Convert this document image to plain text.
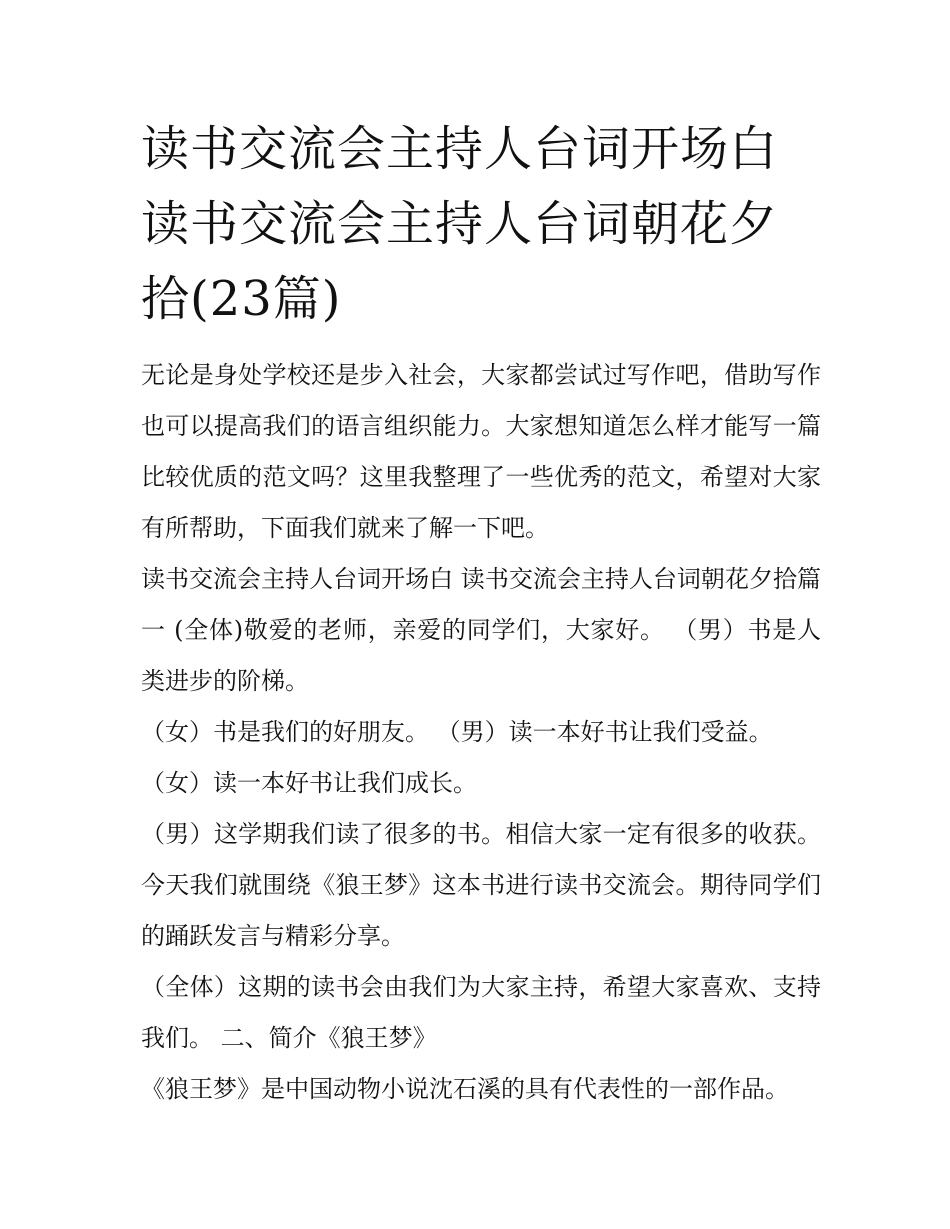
读书交流会主持人台词开场白读书交流会主持人台词朝花夕拾(23篇)

无论是身处学校还是步入社会，大家都尝试过写作吧，借助写作也可以提高我们的语言组织能力。大家想知道怎么样才能写一篇比较优质的范文吗？这里我整理了一些优秀的范文，希望对大家有所帮助，下面我们就来了解一下吧。

读书交流会主持人台词开场白 读书交流会主持人台词朝花夕拾篇一 (全体)敬爱的老师，亲爱的同学们，大家好。 （男）书是人类进步的阶梯。

（女）书是我们的好朋友。 （男）读一本好书让我们受益。

（女）读一本好书让我们成长。

（男）这学期我们读了很多的书。相信大家一定有很多的收获。今天我们就围绕《狼王梦》这本书进行读书交流会。期待同学们的踊跃发言与精彩分享。

（全体）这期的读书会由我们为大家主持，希望大家喜欢、支持我们。 二、简介《狼王梦》

《狼王梦》是中国动物小说沈石溪的具有代表性的一部作品。
